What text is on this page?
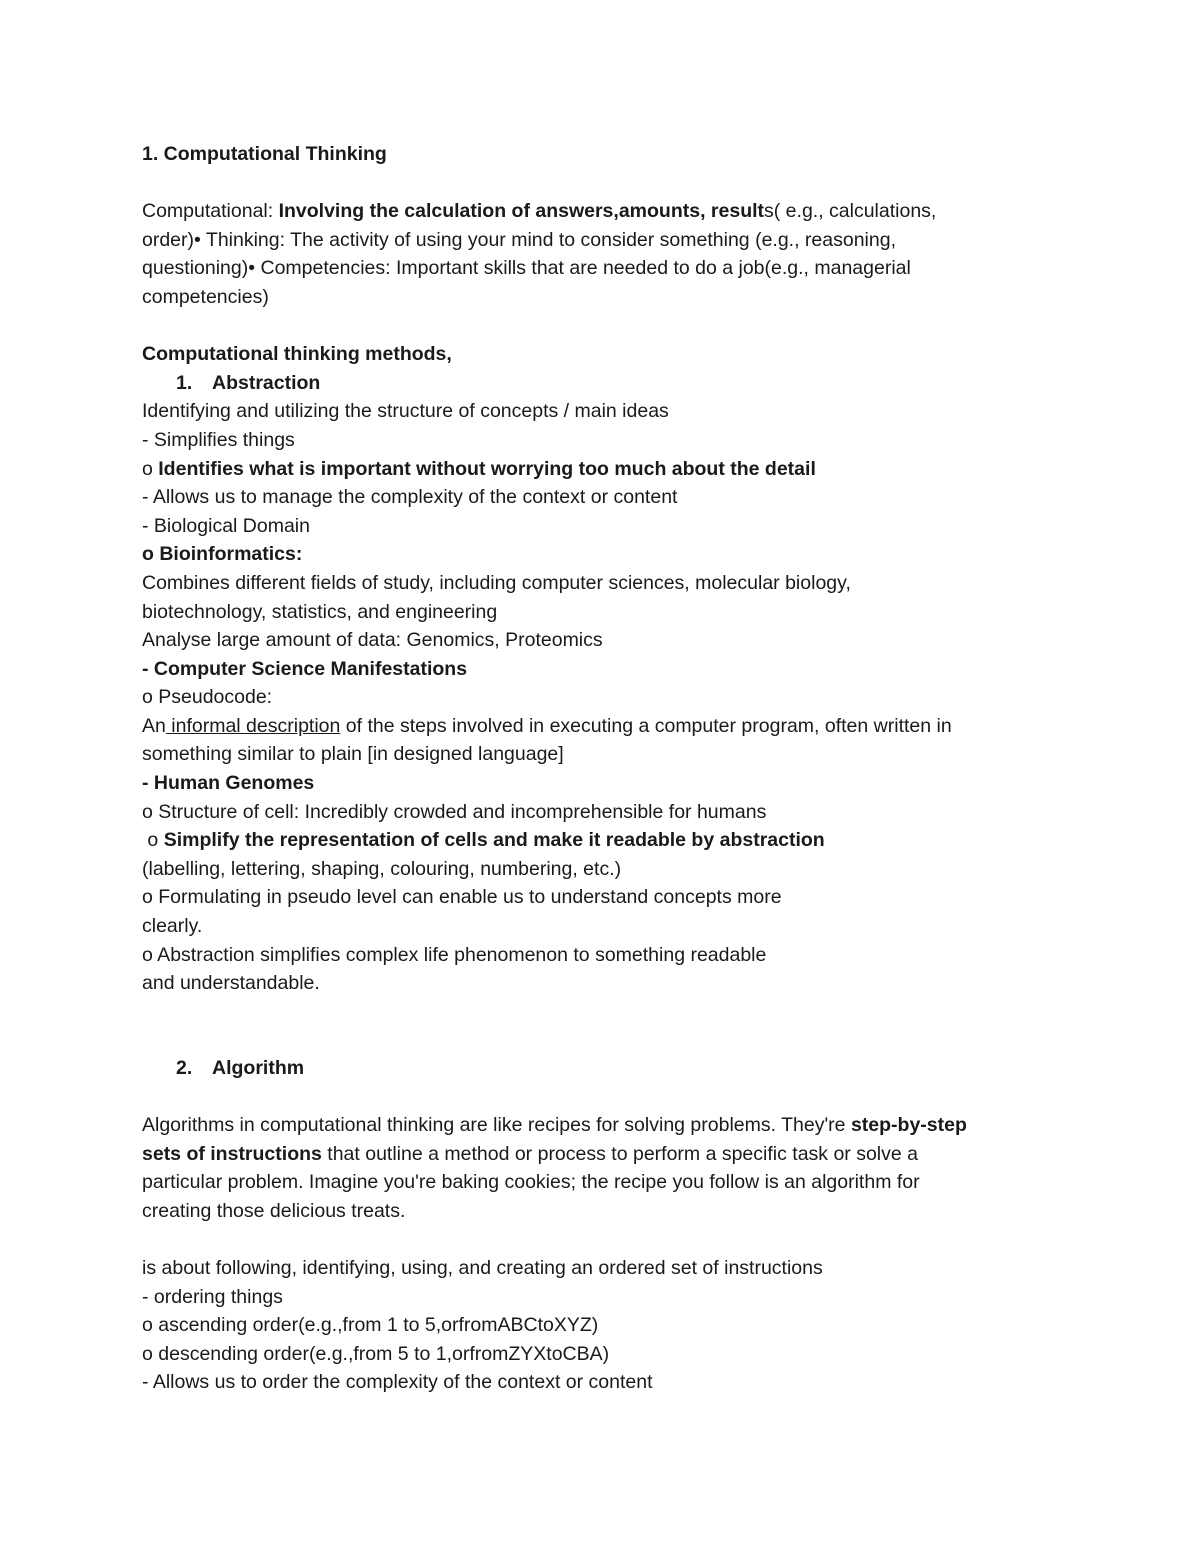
1. Computational Thinking
Computational: Involving the calculation of answers,amounts, results( e.g., calculations,
order)• Thinking: The activity of using your mind to consider something (e.g., reasoning,
questioning)• Competencies: Important skills that are needed to do a job(e.g., managerial
competencies)
Computational thinking methods,
1. Abstraction
Identifying and utilizing the structure of concepts / main ideas
- Simplifies things
o Identifies what is important without worrying too much about the detail
- Allows us to manage the complexity of the context or content
- Biological Domain
o Bioinformatics:
Combines different fields of study, including computer sciences, molecular biology,
biotechnology, statistics, and engineering
Analyse large amount of data: Genomics, Proteomics
- Computer Science Manifestations
o Pseudocode:
An informal description of the steps involved in executing a computer program, often written in
something similar to plain [in designed language]
- Human Genomes
o Structure of cell: Incredibly crowded and incomprehensible for humans
o Simplify the representation of cells and make it readable by abstraction
(labelling, lettering, shaping, colouring, numbering, etc.)
o Formulating in pseudo level can enable us to understand concepts more
clearly.
o Abstraction simplifies complex life phenomenon to something readable
and understandable.
2. Algorithm
Algorithms in computational thinking are like recipes for solving problems. They're step-by-step
sets of instructions that outline a method or process to perform a specific task or solve a
particular problem. Imagine you're baking cookies; the recipe you follow is an algorithm for
creating those delicious treats.
is about following, identifying, using, and creating an ordered set of instructions
- ordering things
o ascending order(e.g.,from 1 to 5,orfromABCtoXYZ)
o descending order(e.g.,from 5 to 1,orfromZYXtoCBA)
- Allows us to order the complexity of the context or content
